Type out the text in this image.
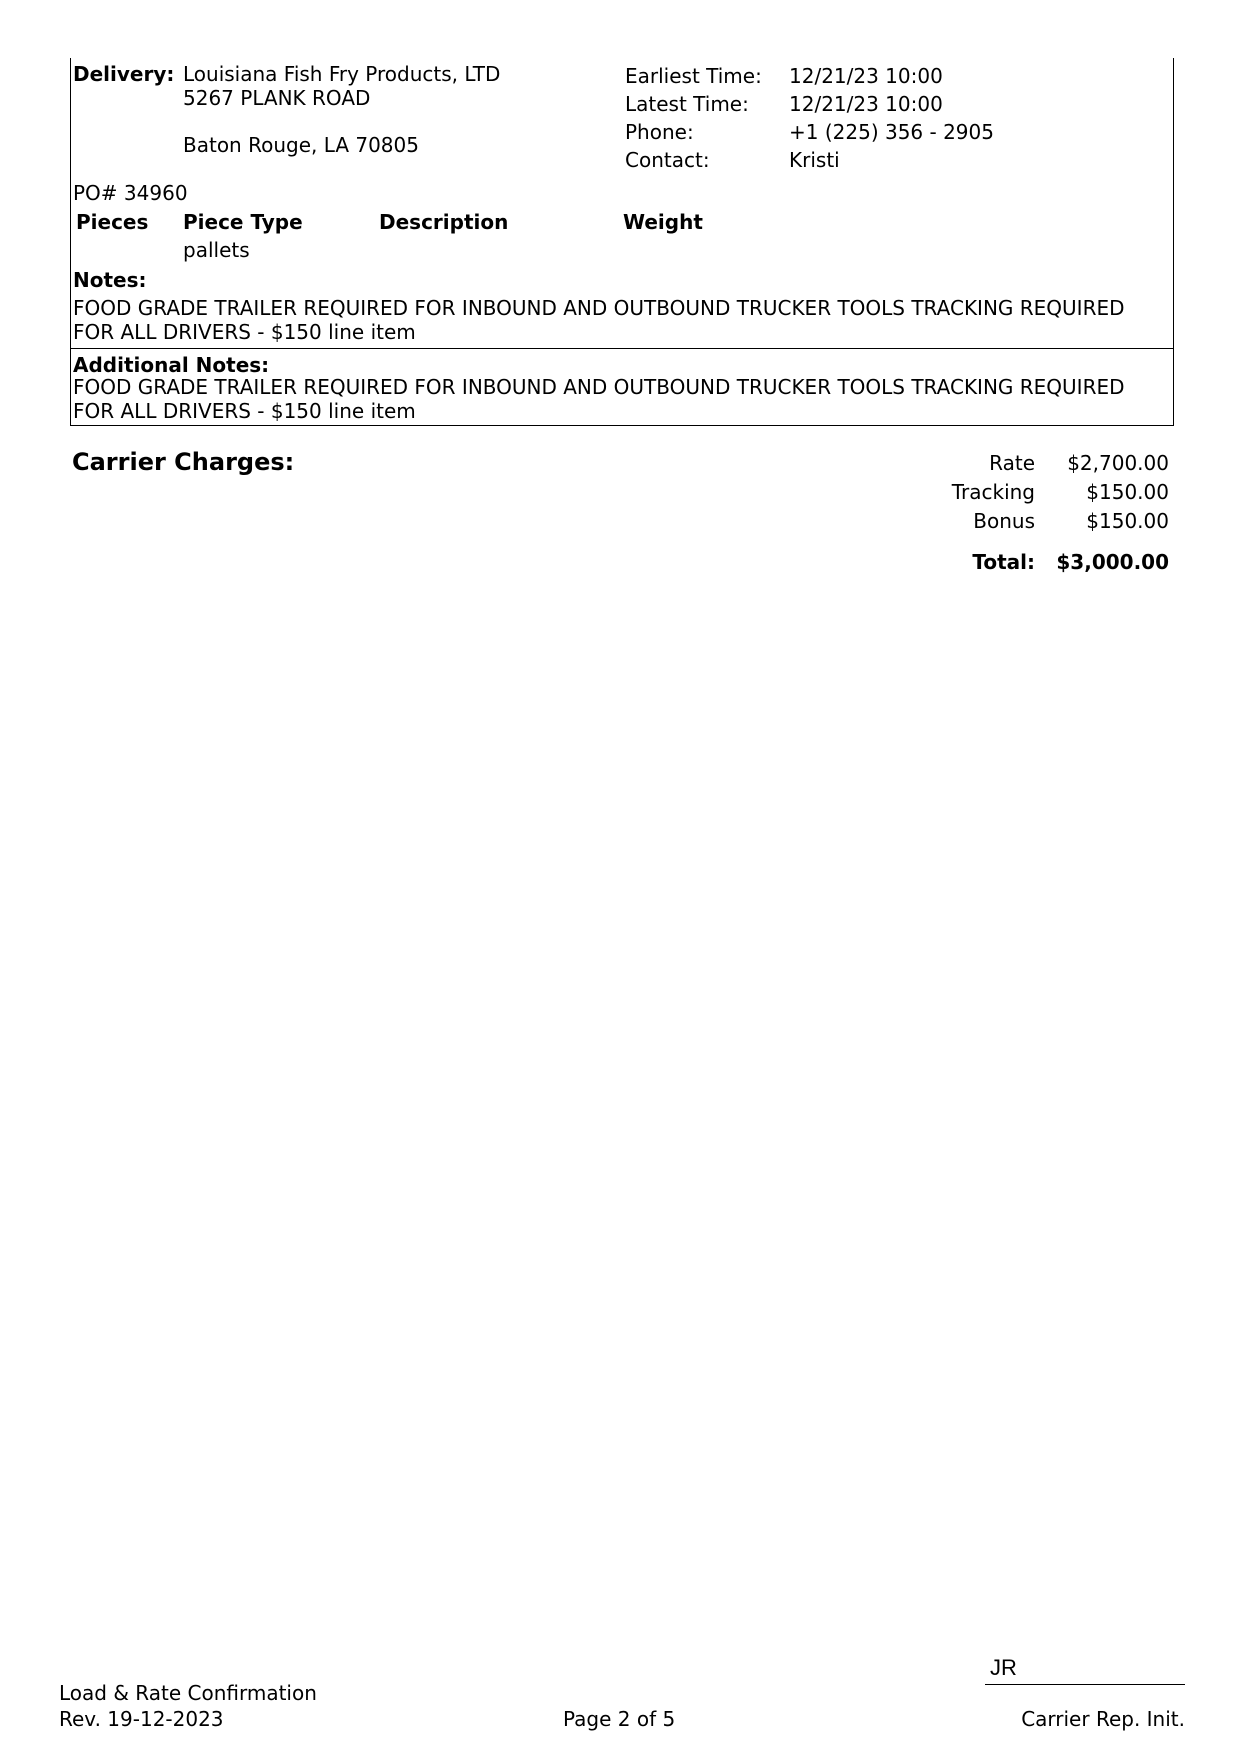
Delivery: Louisiana Fish Fry Products, LTD
5267 PLANK ROAD
Baton Rouge, LA 70805
Earliest Time: 12/21/23 10:00
Latest Time: 12/21/23 10:00
Phone:	+1 (225) 356 - 2905
Contact:	Kristi
PO# 34960
Pieces Piece Type	Description	Weight
pallets
Notes:
FOOD GRADE TRAILER REQUIRED FOR INBOUND AND OUTBOUND TRUCKER TOOLS TRACKING REQUIRED FOR ALL DRIVERS - $150 line item
Additional Notes:
FOOD GRADE TRAILER REQUIRED FOR INBOUND AND OUTBOUND TRUCKER TOOLS TRACKING REQUIRED FOR ALL DRIVERS - $150 line item
Carrier Charges:	Rate $2,700.00
Tracking	$150.00
Bonus	$150.00
Total: $3,000.00
Load & Rate Confirmation
Rev. 19-12-2023	Page 2 of 5
JR
Carrier Rep. Init.
